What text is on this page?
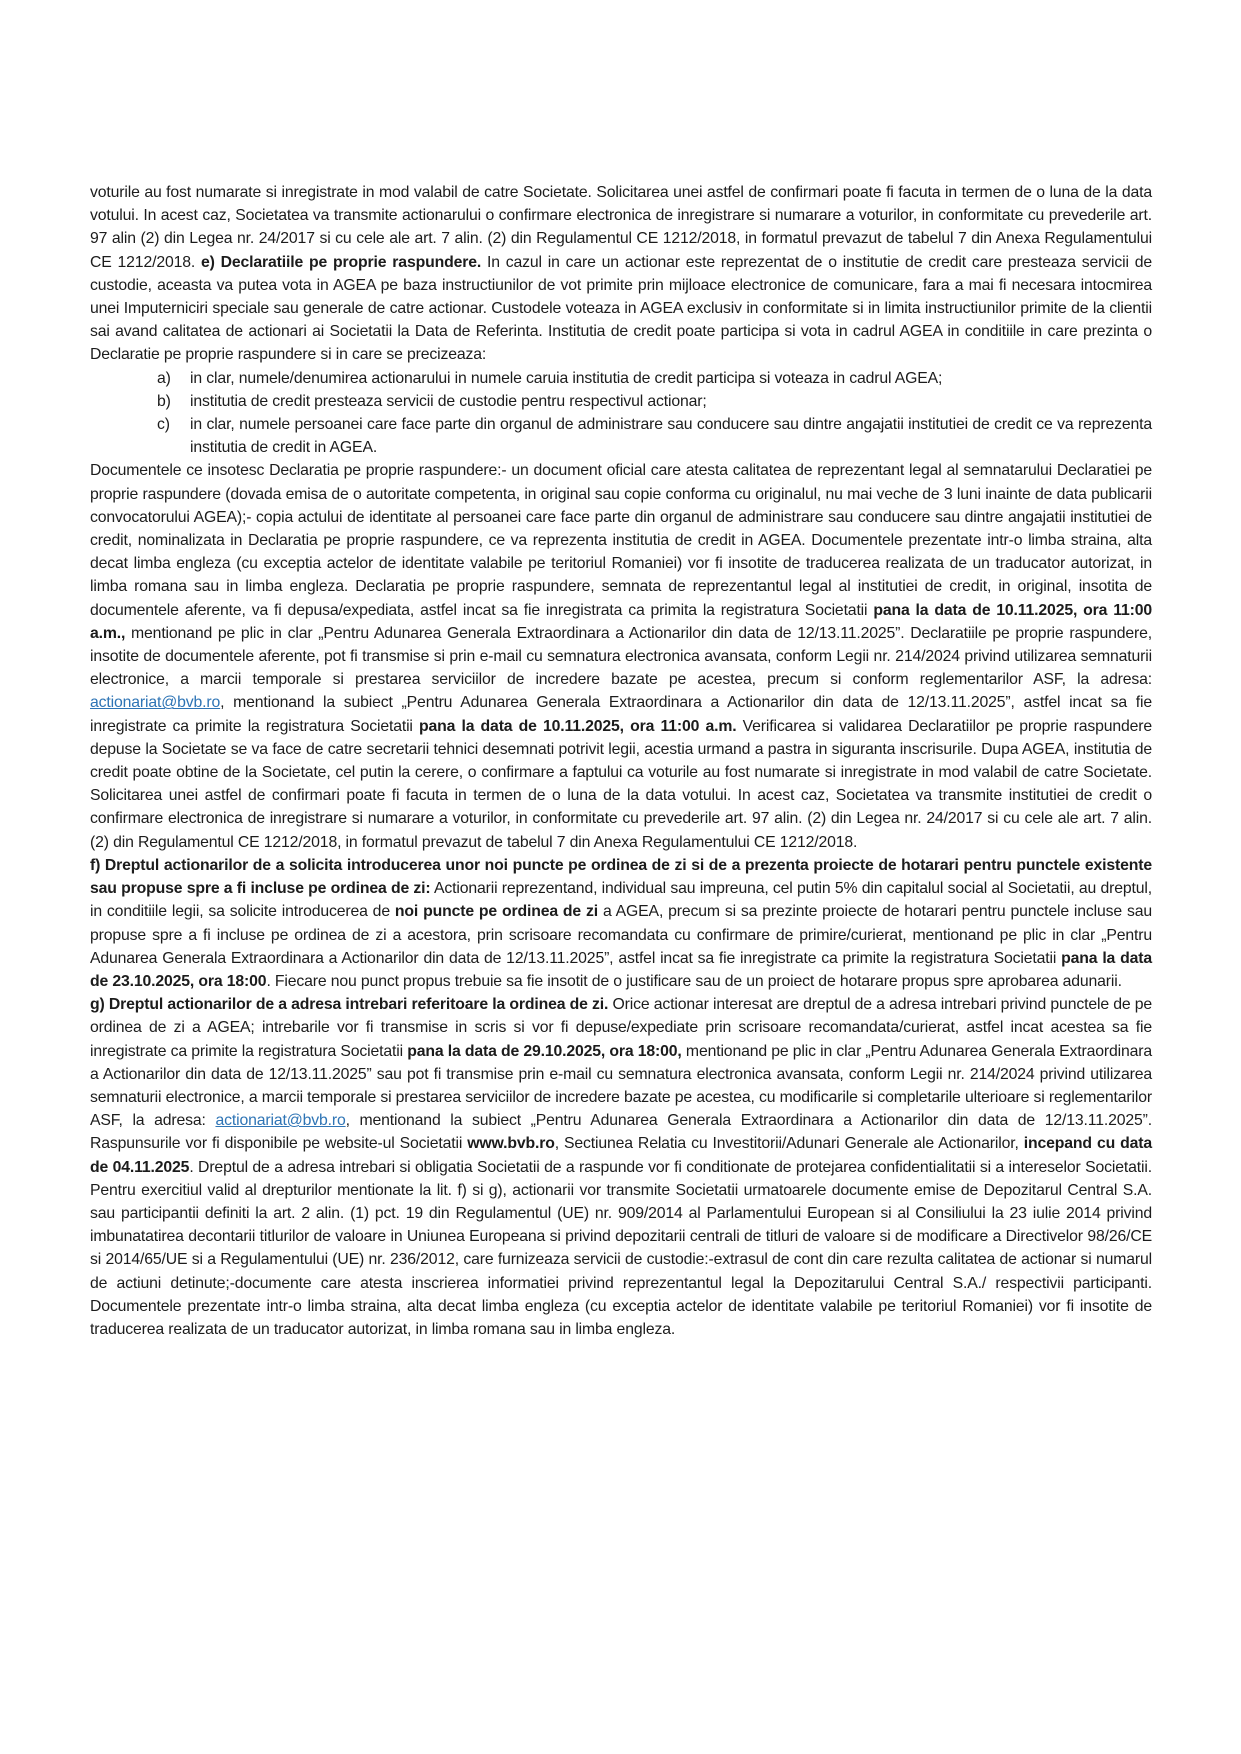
voturile au fost numarate si inregistrate in mod valabil de catre Societate. Solicitarea unei astfel de confirmari poate fi facuta in termen de o luna de la data votului. In acest caz, Societatea va transmite actionarului o confirmare electronica de inregistrare si numarare a voturilor, in conformitate cu prevederile art. 97 alin (2) din Legea nr. 24/2017 si cu cele ale art. 7 alin. (2) din Regulamentul CE 1212/2018, in formatul prevazut de tabelul 7 din Anexa Regulamentului CE 1212/2018. e) Declaratiile pe proprie raspundere. In cazul in care un actionar este reprezentat de o institutie de credit care presteaza servicii de custodie, aceasta va putea vota in AGEA pe baza instructiunilor de vot primite prin mijloace electronice de comunicare, fara a mai fi necesara intocmirea unei Imputerniciri speciale sau generale de catre actionar. Custodele voteaza in AGEA exclusiv in conformitate si in limita instructiunilor primite de la clientii sai avand calitatea de actionari ai Societatii la Data de Referinta. Institutia de credit poate participa si vota in cadrul AGEA in conditiile in care prezinta o Declaratie pe proprie raspundere si in care se precizeaza:

a)	in clar, numele/denumirea actionarului in numele caruia institutia de credit participa si voteaza in cadrul AGEA;
b)	institutia de credit presteaza servicii de custodie pentru respectivul actionar;
c)	in clar, numele persoanei care face parte din organul de administrare sau conducere sau dintre angajatii institutiei de credit ce va reprezenta institutia de credit in AGEA.

Documentele ce insotesc Declaratia pe proprie raspundere:- un document oficial care atesta calitatea de reprezentant legal al semnatarului Declaratiei pe proprie raspundere (dovada emisa de o autoritate competenta, in original sau copie conforma cu originalul, nu mai veche de 3 luni inainte de data publicarii convocatorului AGEA);- copia actului de identitate al persoanei care face parte din organul de administrare sau conducere sau dintre angajatii institutiei de credit, nominalizata in Declaratia pe proprie raspundere, ce va reprezenta institutia de credit in AGEA. Documentele prezentate intr-o limba straina, alta decat limba engleza (cu exceptia actelor de identitate valabile pe teritoriul Romaniei) vor fi insotite de traducerea realizata de un traducator autorizat, in limba romana sau in limba engleza. Declaratia pe proprie raspundere, semnata de reprezentantul legal al institutiei de credit, in original, insotita de documentele aferente, va fi depusa/expediata, astfel incat sa fie inregistrata ca primita la registratura Societatii pana la data de 10.11.2025, ora 11:00 a.m., mentionand pe plic in clar „Pentru Adunarea Generala Extraordinara a Actionarilor din data de 12/13.11.2025”. Declaratiile pe proprie raspundere, insotite de documentele aferente, pot fi transmise si prin e-mail cu semnatura electronica avansata, conform Legii nr. 214/2024 privind utilizarea semnaturii electronice, a marcii temporale si prestarea serviciilor de incredere bazate pe acestea, precum si conform reglementarilor ASF, la adresa: actionariat@bvb.ro, mentionand la subiect „Pentru Adunarea Generala Extraordinara a Actionarilor din data de 12/13.11.2025”, astfel incat sa fie inregistrate ca primite la registratura Societatii pana la data de 10.11.2025, ora 11:00 a.m. Verificarea si validarea Declaratiilor pe proprie raspundere depuse la Societate se va face de catre secretarii tehnici desemnati potrivit legii, acestia urmand a pastra in siguranta inscrisurile. Dupa AGEA, institutia de credit poate obtine de la Societate, cel putin la cerere, o confirmare a faptului ca voturile au fost numarate si inregistrate in mod valabil de catre Societate. Solicitarea unei astfel de confirmari poate fi facuta in termen de o luna de la data votului. In acest caz, Societatea va transmite institutiei de credit o confirmare electronica de inregistrare si numarare a voturilor, in conformitate cu prevederile art. 97 alin. (2) din Legea nr. 24/2017 si cu cele ale art. 7 alin. (2) din Regulamentul CE 1212/2018, in formatul prevazut de tabelul 7 din Anexa Regulamentului CE 1212/2018.

f) Dreptul actionarilor de a solicita introducerea unor noi puncte pe ordinea de zi si de a prezenta proiecte de hotarari pentru punctele existente sau propuse spre a fi incluse pe ordinea de zi: Actionarii reprezentand, individual sau impreuna, cel putin 5% din capitalul social al Societatii, au dreptul, in conditiile legii, sa solicite introducerea de noi puncte pe ordinea de zi a AGEA, precum si sa prezinte proiecte de hotarari pentru punctele incluse sau propuse spre a fi incluse pe ordinea de zi a acestora, prin scrisoare recomandata cu confirmare de primire/curierat, mentionand pe plic in clar „Pentru Adunarea Generala Extraordinara a Actionarilor din data de 12/13.11.2025”, astfel incat sa fie inregistrate ca primite la registratura Societatii pana la data de 23.10.2025, ora 18:00. Fiecare nou punct propus trebuie sa fie insotit de o justificare sau de un proiect de hotarare propus spre aprobarea adunarii.

g) Dreptul actionarilor de a adresa intrebari referitoare la ordinea de zi. Orice actionar interesat are dreptul de a adresa intrebari privind punctele de pe ordinea de zi a AGEA; intrebarile vor fi transmise in scris si vor fi depuse/expediate prin scrisoare recomandata/curierat, astfel incat acestea sa fie inregistrate ca primite la registratura Societatii pana la data de 29.10.2025, ora 18:00, mentionand pe plic in clar „Pentru Adunarea Generala Extraordinara a Actionarilor din data de 12/13.11.2025” sau pot fi transmise prin e-mail cu semnatura electronica avansata, conform Legii nr. 214/2024 privind utilizarea semnaturii electronice, a marcii temporale si prestarea serviciilor de incredere bazate pe acestea, cu modificarile si completarile ulterioare si reglementarilor ASF, la adresa: actionariat@bvb.ro, mentionand la subiect „Pentru Adunarea Generala Extraordinara a Actionarilor din data de 12/13.11.2025”. Raspunsurile vor fi disponibile pe website-ul Societatii www.bvb.ro, Sectiunea Relatia cu Investitorii/Adunari Generale ale Actionarilor, incepand cu data de 04.11.2025. Dreptul de a adresa intrebari si obligatia Societatii de a raspunde vor fi conditionate de protejarea confidentialitatii si a intereselor Societatii. Pentru exercitiul valid al drepturilor mentionate la lit. f) si g), actionarii vor transmite Societatii urmatoarele documente emise de Depozitarul Central S.A. sau participantii definiti la art. 2 alin. (1) pct. 19 din Regulamentul (UE) nr. 909/2014 al Parlamentului European si al Consiliului la 23 iulie 2014 privind imbunatatirea decontarii titlurilor de valoare in Uniunea Europeana si privind depozitarii centrali de titluri de valoare si de modificare a Directivelor 98/26/CE si 2014/65/UE si a Regulamentului (UE) nr. 236/2012, care furnizeaza servicii de custodie:-extrasul de cont din care rezulta calitatea de actionar si numarul de actiuni detinute;-documente care atesta inscrierea informatiei privind reprezentantul legal la Depozitarului Central S.A./ respectivii participanti. Documentele prezentate intr-o limba straina, alta decat limba engleza (cu exceptia actelor de identitate valabile pe teritoriul Romaniei) vor fi insotite de traducerea realizata de un traducator autorizat, in limba romana sau in limba engleza.
